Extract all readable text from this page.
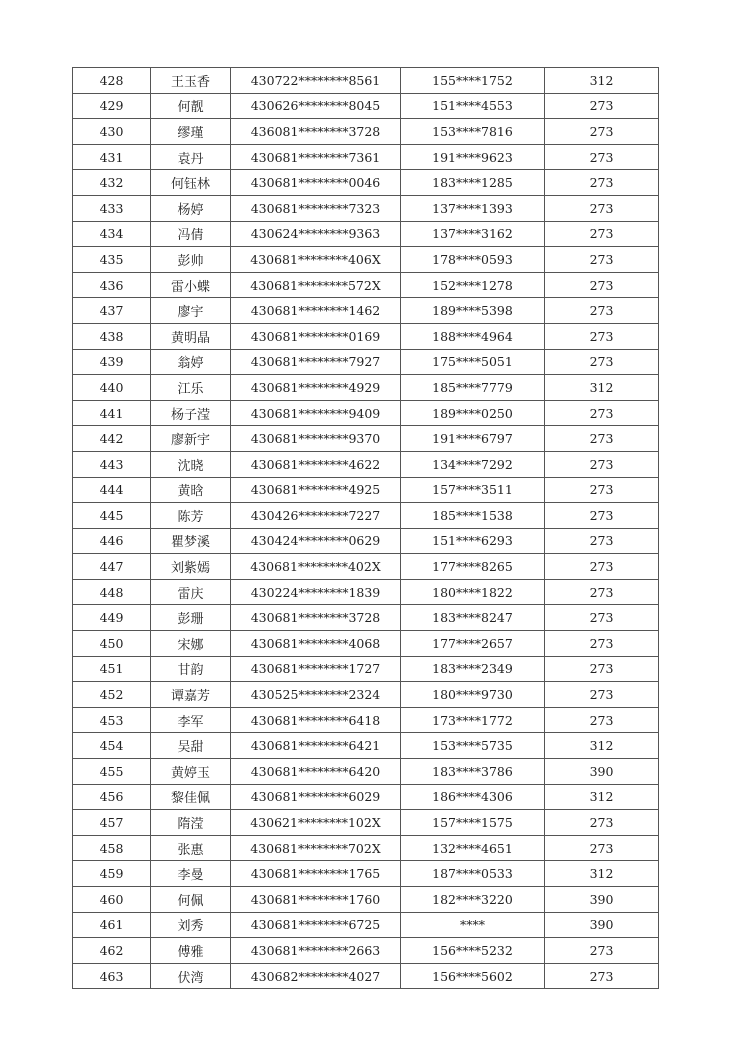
428	王玉香	430722********8561	155****1752	312
429	何靓	430626********8045	151****4553	273
430	缪瑾	436081********3728	153****7816	273
431	袁丹	430681********7361	191****9623	273
432	何钰林	430681********0046	183****1285	273
433	杨婷	430681********7323	137****1393	273
434	冯倩	430624********9363	137****3162	273
435	彭帅	430681********406X	178****0593	273
436	雷小蝶	430681********572X	152****1278	273
437	廖宇	430681********1462	189****5398	273
438	黄明晶	430681********0169	188****4964	273
439	翁婷	430681********7927	175****5051	273
440	江乐	430681********4929	185****7779	312
441	杨子滢	430681********9409	189****0250	273
442	廖新宇	430681********9370	191****6797	273
443	沈晓	430681********4622	134****7292	273
444	黄晗	430681********4925	157****3511	273
445	陈芳	430426********7227	185****1538	273
446	瞿梦溪	430424********0629	151****6293	273
447	刘紫嫣	430681********402X	177****8265	273
448	雷庆	430224********1839	180****1822	273
449	彭珊	430681********3728	183****8247	273
450	宋娜	430681********4068	177****2657	273
451	甘韵	430681********1727	183****2349	273
452	谭嘉芳	430525********2324	180****9730	273
453	李军	430681********6418	173****1772	273
454	吴甜	430681********6421	153****5735	312
455	黄婷玉	430681********6420	183****3786	390
456	黎佳佩	430681********6029	186****4306	312
457	隋滢	430621********102X	157****1575	273
458	张惠	430681********702X	132****4651	273
459	李曼	430681********1765	187****0533	312
460	何佩	430681********1760	182****3220	390
461	刘秀	430681********6725	****	390
462	傅雅	430681********2663	156****5232	273
463	伏湾	430682********4027	156****5602	273
